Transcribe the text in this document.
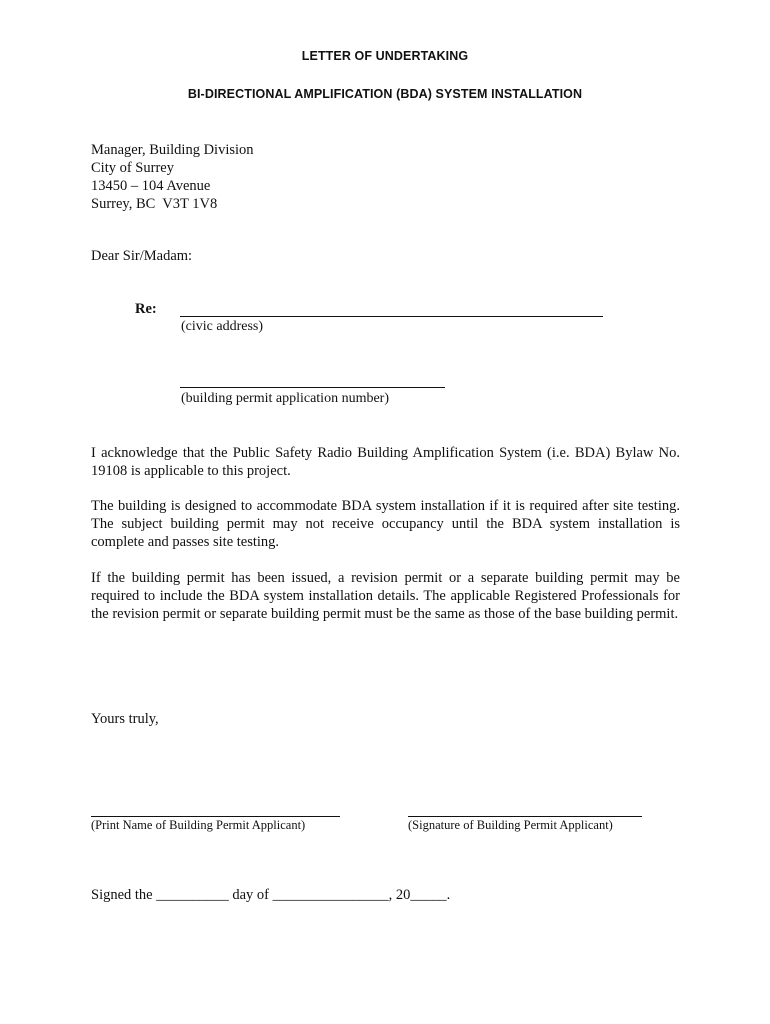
LETTER OF UNDERTAKING
BI-DIRECTIONAL AMPLIFICATION (BDA) SYSTEM INSTALLATION
Manager, Building Division
City of Surrey
13450 – 104 Avenue
Surrey, BC  V3T 1V8
Dear Sir/Madam:
Re:
(civic address)
(building permit application number)
I acknowledge that the Public Safety Radio Building Amplification System (i.e. BDA) Bylaw No. 19108 is applicable to this project.
The building is designed to accommodate BDA system installation if it is required after site testing. The subject building permit may not receive occupancy until the BDA system installation is complete and passes site testing.
If the building permit has been issued, a revision permit or a separate building permit may be required to include the BDA system installation details. The applicable Registered Professionals for the revision permit or separate building permit must be the same as those of the base building permit.
Yours truly,
(Print Name of Building Permit Applicant)	(Signature of Building Permit Applicant)
Signed the __________ day of ________________, 20_____.
